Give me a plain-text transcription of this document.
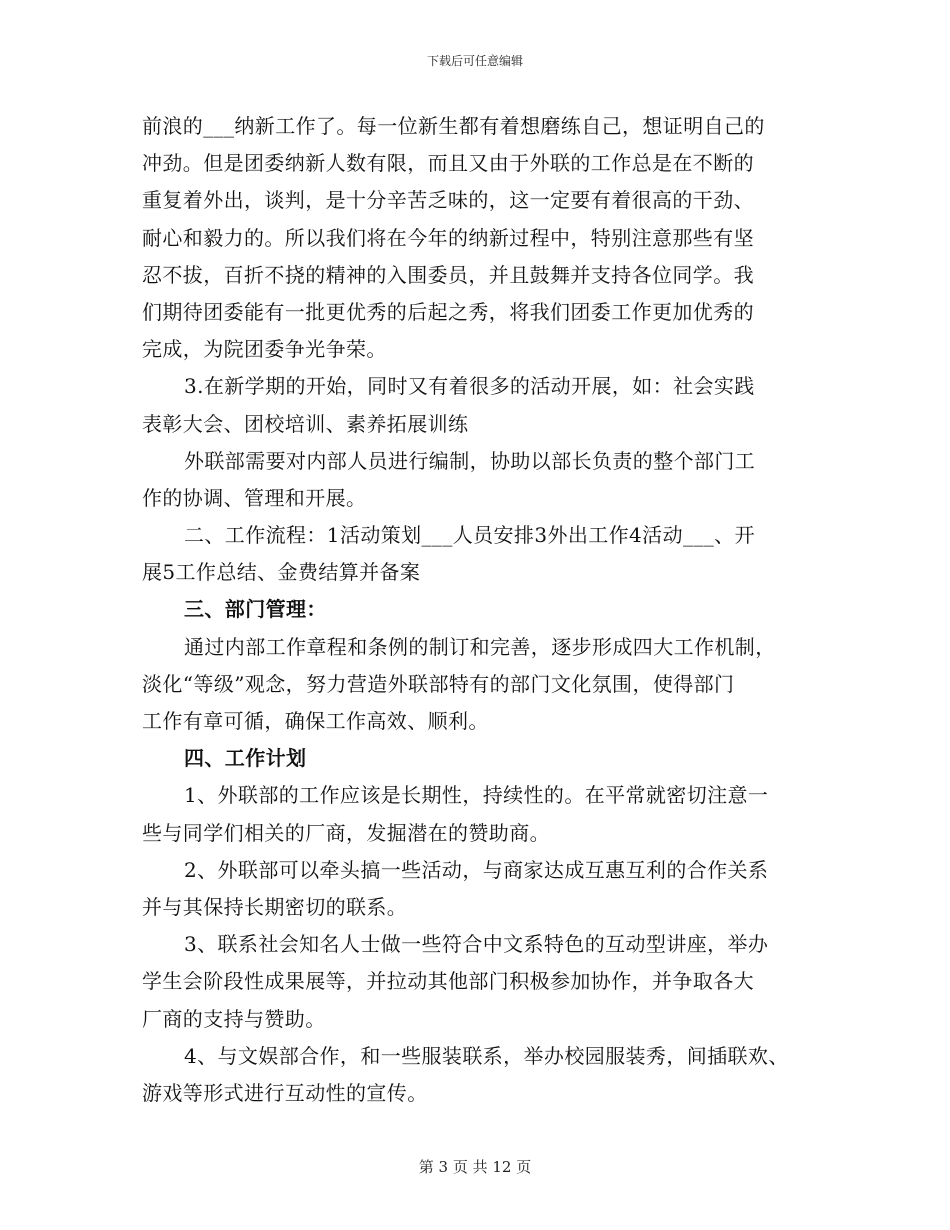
下载后可任意编辑
前浪的___纳新工作了。每一位新生都有着想磨练自己，想证明自己的
冲劲。但是团委纳新人数有限，而且又由于外联的工作总是在不断的
重复着外出，谈判，是十分辛苦乏味的，这一定要有着很高的干劲、
耐心和毅力的。所以我们将在今年的纳新过程中，特别注意那些有坚
忍不拔，百折不挠的精神的入围委员，并且鼓舞并支持各位同学。我
们期待团委能有一批更优秀的后起之秀，将我们团委工作更加优秀的
完成，为院团委争光争荣。
3.在新学期的开始，同时又有着很多的活动开展，如：社会实践
表彰大会、团校培训、素养拓展训练
外联部需要对内部人员进行编制，协助以部长负责的整个部门工
作的协调、管理和开展。
二、工作流程：1活动策划___人员安排3外出工作4活动___、开
展5工作总结、金费结算并备案
三、部门管理：
通过内部工作章程和条例的制订和完善，逐步形成四大工作机制，
淡化“等级”观念，努力营造外联部特有的部门文化氛围，使得部门
工作有章可循，确保工作高效、顺利。
四、工作计划
1、外联部的工作应该是长期性，持续性的。在平常就密切注意一
些与同学们相关的厂商，发掘潜在的赞助商。
2、外联部可以牵头搞一些活动，与商家达成互惠互利的合作关系
并与其保持长期密切的联系。
3、联系社会知名人士做一些符合中文系特色的互动型讲座，举办
学生会阶段性成果展等，并拉动其他部门积极参加协作，并争取各大
厂商的支持与赞助。
4、与文娱部合作，和一些服装联系，举办校园服装秀，间插联欢、
游戏等形式进行互动性的宣传。
第 3 页 共 12 页
